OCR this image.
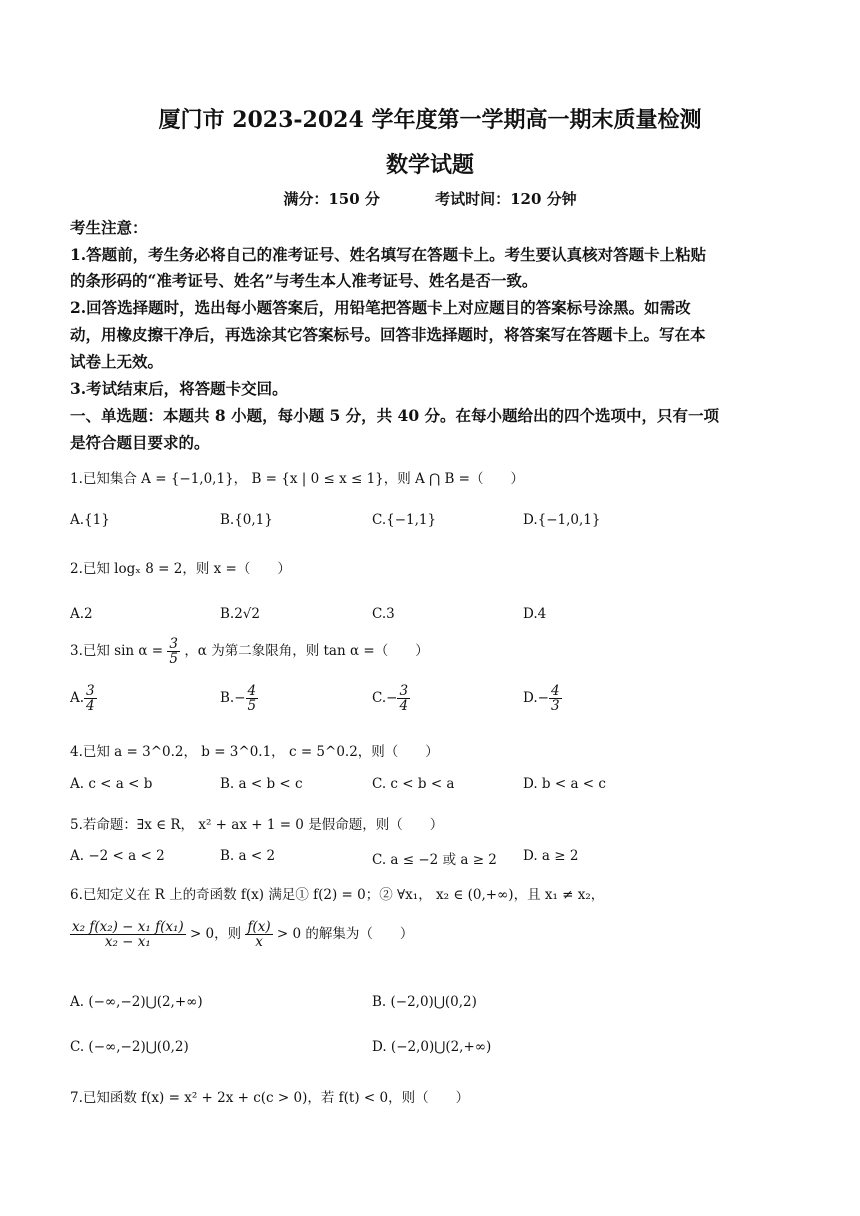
厦门市 2023-2024 学年度第一学期高一期末质量检测
数学试题
满分：150 分	考试时间：120 分钟
考生注意：
1.答题前，考生务必将自己的准考证号、姓名填写在答题卡上。考生要认真核对答题卡上粘贴
的条形码的“准考证号、姓名”与考生本人准考证号、姓名是否一致。
2.回答选择题时，选出每小题答案后，用铅笔把答题卡上对应题目的答案标号涂黑。如需改
动，用橡皮擦干净后，再选涂其它答案标号。回答非选择题时，将答案写在答题卡上。写在本
试卷上无效。
3.考试结束后，将答题卡交回。
一、单选题：本题共 8 小题，每小题 5 分，共 40 分。在每小题给出的四个选项中，只有一项
是符合题目要求的。
1.已知集合 A = {−1,0,1}， B = {x | 0 ≤ x ≤ 1}，则 A ⋂ B =（　　）
A.{1}	B.{0,1}	C.{−1,1}	D.{−1,0,1}
2.已知 logₓ 8 = 2，则 x =（　　）
A.2	B.2√2	C.3	D.4
3.已知 $\sin \alpha = \frac{3}{5}$ ，α 为第二象限角，则 tan α =（　　）
A. $\frac{3}{4}$	$B.- \frac{4}{5}$	$C.- \frac{3}{4}$	$D.- \frac{4}{3}$
4.已知 a = 3^0.2， b = 3^0.1， c = 5^0.2，则（　　）
A. c < a < b	B. a < b < c	C. c < b < a	D. b < a < c
5.若命题：∃x ∈ R， x² + ax + 1 = 0 是假命题，则（　　）
A. −2 < a < 2	B. a < 2	C. a ≤ −2 或 a ≥ 2 D. a ≥ 2
6.已知定义在 R 上的奇函数 f(x) 满足① f(2) = 0；② ∀x₁， x₂ ∈ (0,+∞)，且 x₁ ≠ x₂，
$\frac{\text{x₂ f(x₂) − x₁ f(x₁)}}{\text{x₂ − x₁}} > 0$，则 $\frac{f(x)}{x} > 0$ 的解集为（　　）
A. (−∞,−2)⋃(2,+∞)	B. (−2,0)⋃(0,2)
C. (−∞,−2)⋃(0,2)	D. (−2,0)⋃(2,+∞)
7.已知函数 f(x) = x² + 2x + c(c > 0)，若 f(t) < 0，则（　　）
